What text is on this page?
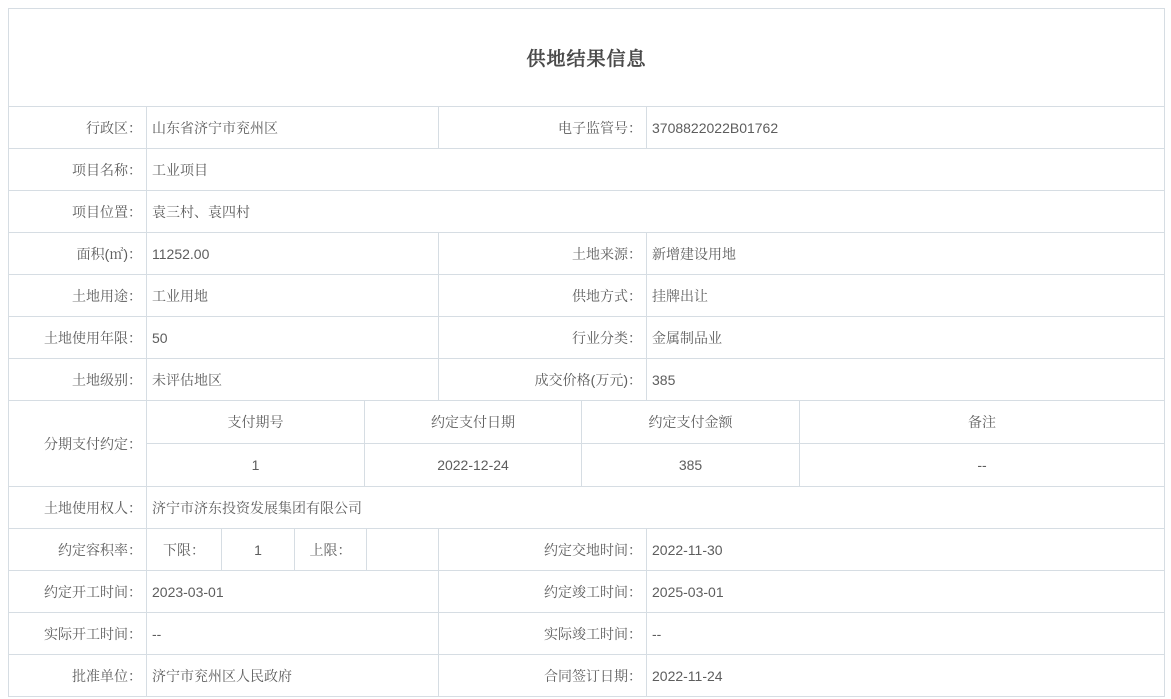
供地结果信息
行政区： 山东省济宁市兖州区	电子监管号： 3708822022B01762
项目名称： 工业项目
项目位置： 袁三村、袁四村
面积(㎡)： 11252.00	土地来源： 新增建设用地
土地用途： 工业用地	供地方式： 挂牌出让
土地使用年限： 50	行业分类： 金属制品业
土地级别： 未评估地区	成交价格(万元)： 385
分期支付约定：
支付期号	约定支付日期	约定支付金额	备注
1	2022-12-24	385	--
土地使用权人： 济宁市济东投资发展集团有限公司
约定容积率：	下限：	1	上限：	约定交地时间： 2022-11-30
约定开工时间： 2023-03-01	约定竣工时间： 2025-03-01
实际开工时间： --	实际竣工时间： --
批准单位： 济宁市兖州区人民政府	合同签订日期： 2022-11-24
